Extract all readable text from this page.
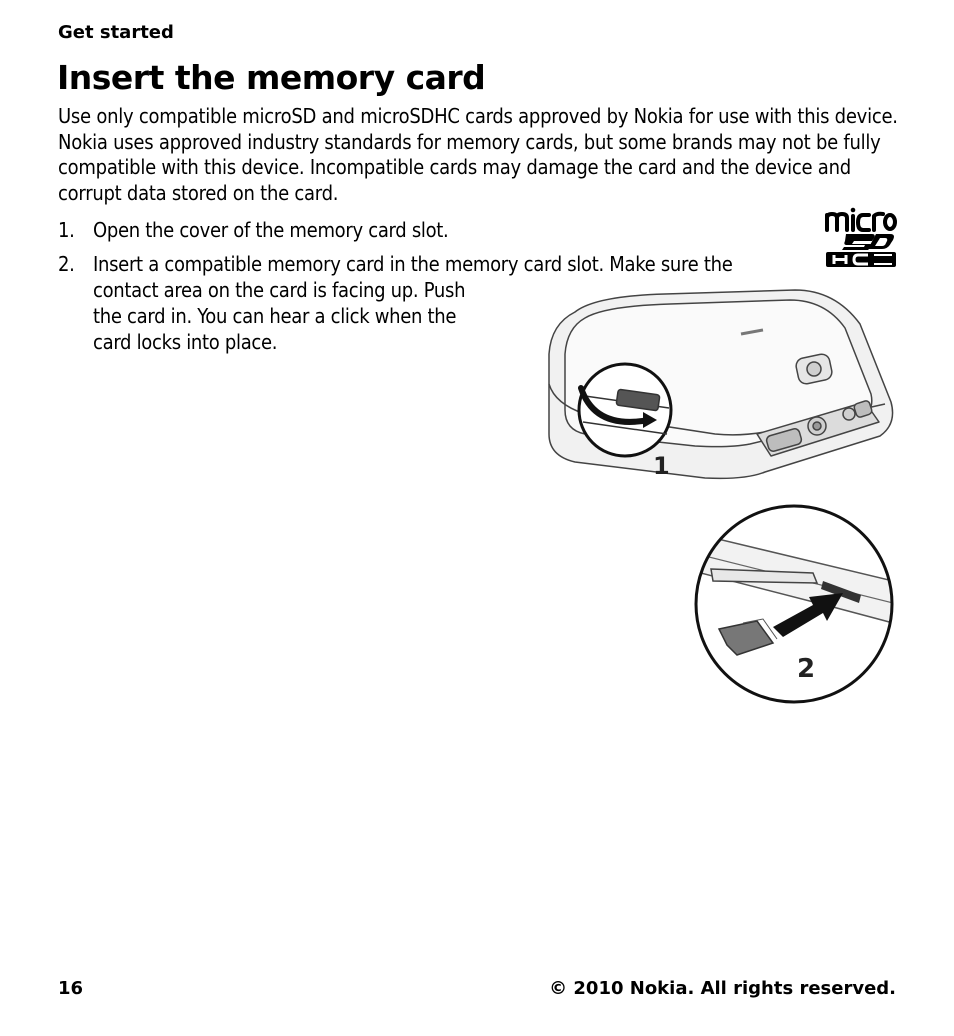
Get started
Insert the memory card

Use only compatible microSD and microSDHC cards approved by Nokia for use with this device. Nokia uses approved industry standards for memory cards, but some brands may not be fully compatible with this device. Incompatible cards may damage the card and the device and corrupt data stored on the card.

1. Open the cover of the memory card slot.
2. Insert a compatible memory card in the memory card slot. Make sure the
contact area on the card is facing up. Push
the card in. You can hear a click when the
card locks into place.
1
2
16	© 2010 Nokia. All rights reserved.
